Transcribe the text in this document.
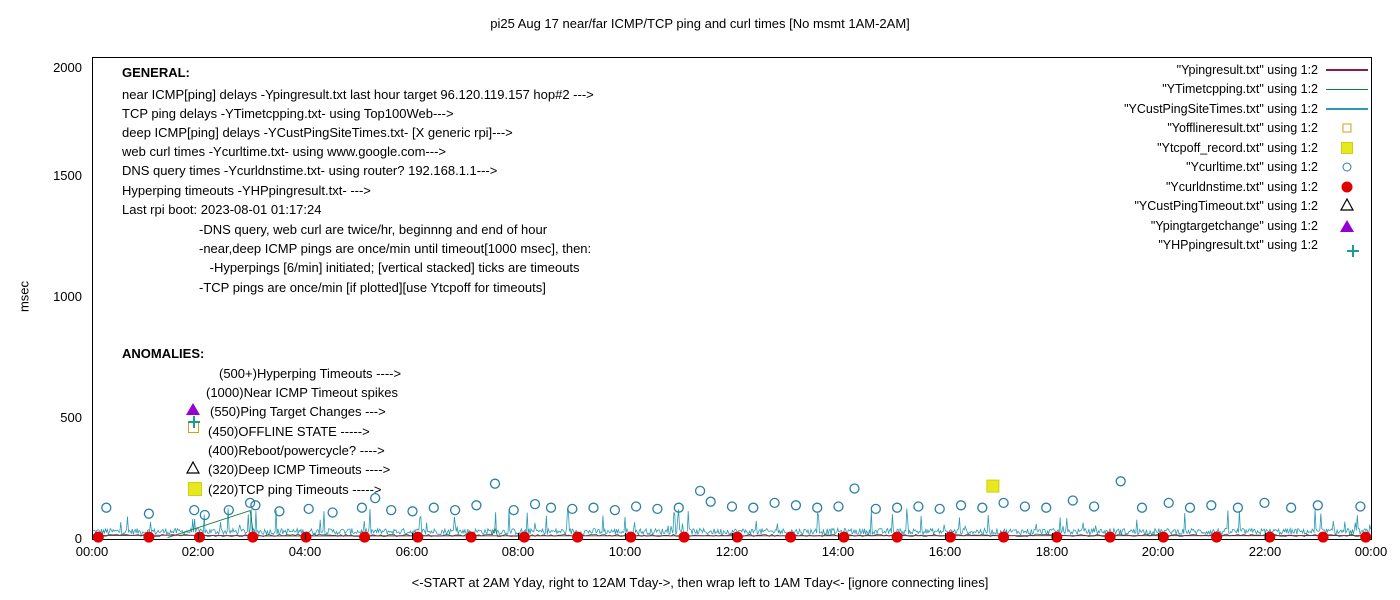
pi25 Aug 17 near/far ICMP/TCP ping and curl times [No msmt 1AM-2AM]
msec
2000
1500
1000
500
0
00:00	02:00	04:00	06:00	08:00	10:00	12:00	14:00	16:00	18:00	20:00	22:00	00:00
<-START at 2AM Yday, right to 12AM Tday->, then wrap left to 1AM Tday<- [ignore connecting lines]
GENERAL:
near ICMP[ping] delays -Ypingresult.txt last hour target 96.120.119.157 hop#2 --->
TCP ping delays -YTimetcpping.txt- using Top100Web--->
deep ICMP[ping] delays -YCustPingSiteTimes.txt- [X generic rpi]--->
web curl times -Ycurltime.txt- using www.google.com--->
DNS query times -Ycurldnstime.txt- using router? 192.168.1.1--->
Hyperping timeouts -YHPpingresult.txt- --->
Last rpi boot: 2023-08-01 01:17:24
-DNS query, web curl are twice/hr, beginnng and end of hour
-near,deep ICMP pings are once/min until timeout[1000 msec], then:
-Hyperpings [6/min] initiated; [vertical stacked] ticks are timeouts
-TCP pings are once/min [if plotted][use Ytcpoff for timeouts]
ANOMALIES:
(500+)Hyperping Timeouts ---->
(1000)Near ICMP Timeout spikes
(550)Ping Target Changes --->
(450)OFFLINE STATE ----->
(400)Reboot/powercycle? ---->
(320)Deep ICMP Timeouts ---->
(220)TCP ping Timeouts ----->
"Ypingresult.txt" using 1:2
"YTimetcpping.txt" using 1:2
"YCustPingSiteTimes.txt" using 1:2
"Yofflineresult.txt" using 1:2
"Ytcpoff_record.txt" using 1:2
"Ycurltime.txt" using 1:2
"Ycurldnstime.txt" using 1:2
"YCustPingTimeout.txt" using 1:2
"Ypingtargetchange" using 1:2
"YHPpingresult.txt" using 1:2
